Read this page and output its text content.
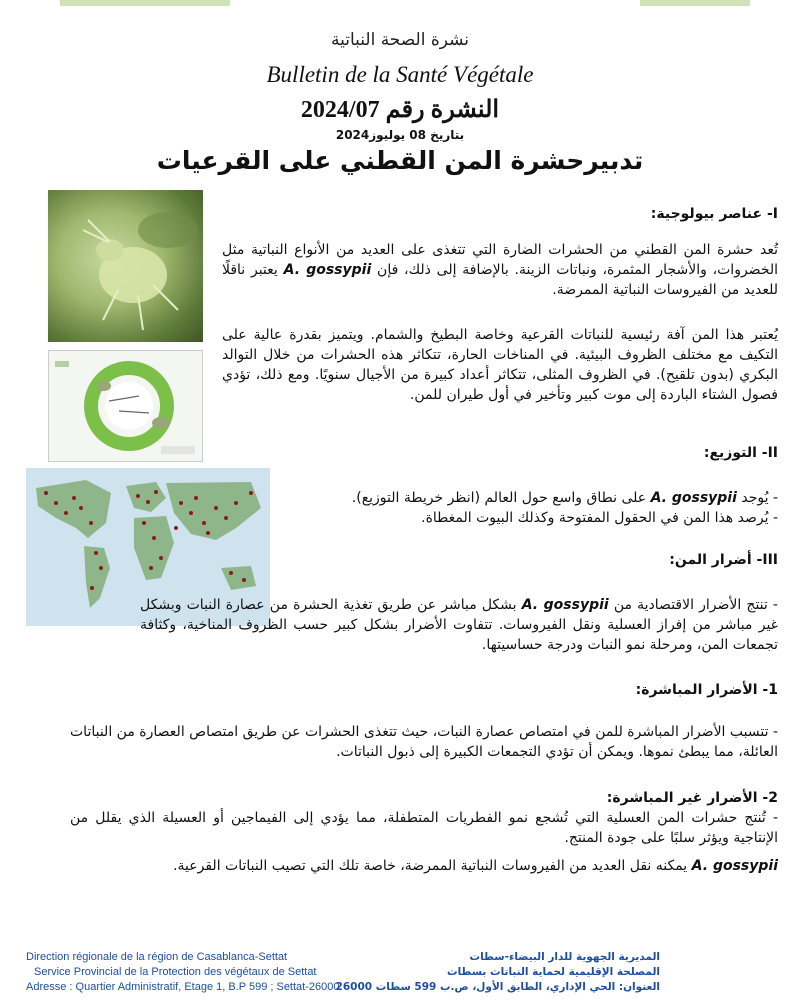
نشرة الصحة النباتية
Bulletin de la Santé Végétale
النشرة رقم 2024/07
بتاريخ 08 يوليوز2024
تدبيرحشرة المن القطني على القرعيات
I- عناصر بيولوجية:
تُعد حشرة المن القطني من الحشرات الضارة التي تتغذى على العديد من الأنواع النباتية مثل الخضروات، والأشجار المثمرة، ونباتات الزينة. بالإضافة إلى ذلك، فإن A. gossypii يعتبر ناقلًا للعديد من الفيروسات النباتية الممرضة.
يُعتبر هذا المن آفة رئيسية للنباتات القرعية وخاصة البطيخ والشمام. ويتميز بقدرة عالية على التكيف مع مختلف الظروف البيئية. في المناخات الحارة، تتكاثر هذه الحشرات من خلال التوالد البكري (بدون تلقيح). في الظروف المثلى، تتكاثر أعداد كبيرة من الأجيال سنويًا. ومع ذلك، تؤدي فصول الشتاء الباردة إلى موت كبير وتأخير في أول طيران للمن.
II- التوزيع:
- يُوجد A. gossypii على نطاق واسع حول العالم (انظر خريطة التوزيع).
- يُرصد هذا المن في الحقول المفتوحة وكذلك البيوت المغطاة.
III- أضرار المن:
- تنتج الأضرار الاقتصادية من A. gossypii بشكل مباشر عن طريق تغذية الحشرة من عصارة النبات وبشكل غير مباشر من إفراز العسلية ونقل الفيروسات. تتفاوت الأضرار بشكل كبير حسب الظروف المناخية، وكثافة تجمعات المن، ومرحلة نمو النبات ودرجة حساسيتها.
1- الأضرار المباشرة:
- تتسبب الأضرار المباشرة للمن في امتصاص عصارة النبات، حيث تتغذى الحشرات عن طريق امتصاص العصارة من النباتات العائلة، مما يبطئ نموها. ويمكن أن تؤدي التجمعات الكبيرة إلى ذبول النباتات.
2- الأضرار غير المباشرة:
- تُنتج حشرات المن العسلية التي تُشجع نمو الفطريات المتطفلة، مما يؤدي إلى الفيماجين أو العسيلة الذي يقلل من الإنتاجية ويؤثر سلبًا على جودة المنتج.
A. gossypii يمكنه نقل العديد من الفيروسات النباتية الممرضة، خاصة تلك التي تصيب النباتات القرعية.
Direction régionale de la région de Casablanca-Settat
Service Provincial de la Protection des végétaux de Settat
Adresse : Quartier Administratif, Etage 1, B.P 599 ; Settat-26000
المديرية الجهوية للدار البيضاء-سطات
المصلحة الإقليمية لحماية النباتات بسطات
العنوان: الحي الإداري، الطابق الأول، ص.ب 599 سطات 26000
